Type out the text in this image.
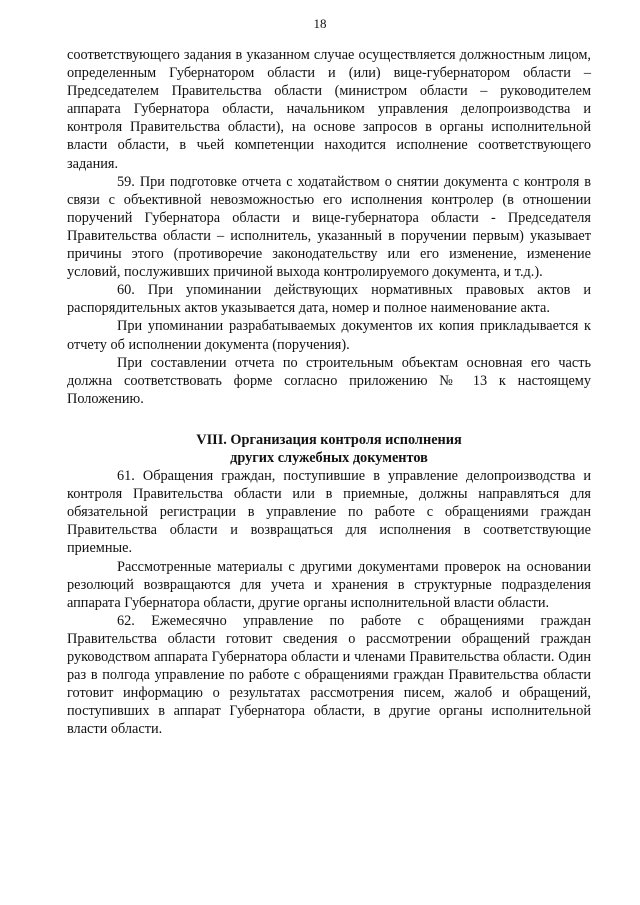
18

соответствующего задания в указанном случае осуществляется должностным лицом, определенным Губернатором области и (или) вице-губернатором области – Председателем Правительства области (министром области – руководителем аппарата Губернатора области, начальником управления делопроизводства и контроля Правительства области), на основе запросов в органы исполнительной власти области, в чьей компетенции находится исполнение соответствующего задания.

59. При подготовке отчета с ходатайством о снятии документа с контроля в связи с объективной невозможностью его исполнения контролер (в отношении поручений Губернатора области и вице-губернатора области - Председателя Правительства области – исполнитель, указанный в поручении первым) указывает причины этого (противоречие законодательству или его изменение, изменение условий, послуживших причиной выхода контролируемого документа, и т.д.).

60. При упоминании действующих нормативных правовых актов и распорядительных актов указывается дата, номер и полное наименование акта.

При упоминании разрабатываемых документов их копия прикладывается к отчету об исполнении документа (поручения).

При составлении отчета по строительным объектам основная его часть должна соответствовать форме согласно приложению № 13 к настоящему Положению.

VIII. Организация контроля исполнения
других служебных документов

61. Обращения граждан, поступившие в управление делопроизводства и контроля Правительства области или в приемные, должны направляться для обязательной регистрации в управление по работе с обращениями граждан Правительства области и возвращаться для исполнения в соответствующие приемные.

Рассмотренные материалы с другими документами проверок на основании резолюций возвращаются для учета и хранения в структурные подразделения аппарата Губернатора области, другие органы исполнительной власти области.

62. Ежемесячно управление по работе с обращениями граждан Правительства области готовит сведения о рассмотрении обращений граждан руководством аппарата Губернатора области и членами Правительства области. Один раз в полгода управление по работе с обращениями граждан Правительства области готовит информацию о результатах рассмотрения писем, жалоб и обращений, поступивших в аппарат Губернатора области, в другие органы исполнительной власти области.
